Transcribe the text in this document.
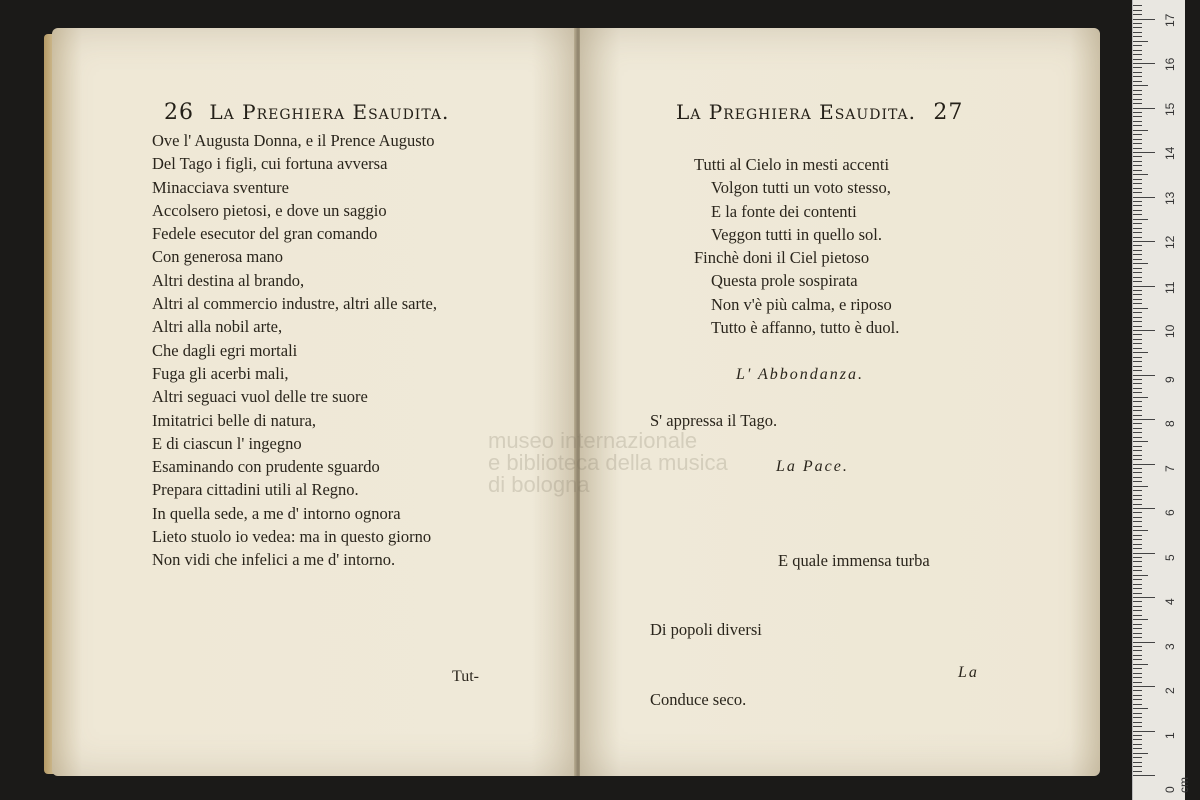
26 La Preghiera Esaudita.
Ove l' Augusta Donna, e il Prence Augusto
Del Tago i figli, cui fortuna avversa
Minacciava sventure
Accolsero pietosi, e dove un saggio
Fedele esecutor del gran comando
Con generosa mano
Altri destina al brando,
Altri al commercio industre, altri alle sarte,
Altri alla nobil arte,
Che dagli egri mortali
Fuga gli acerbi mali,
Altri seguaci vuol delle tre suore
Imitatrici belle di natura,
E di ciascun l' ingegno
Esaminando con prudente sguardo
Prepara cittadini utili al Regno.
In quella sede, a me d' intorno ognora
Lieto stuolo io vedea: ma in questo giorno
Non vidi che infelici a me d' intorno.
Tut-
La Preghiera Esaudita. 27
Tutti al Cielo in mesti accenti
Volgon tutti un voto stesso,
E la fonte dei contenti
Veggon tutti in quello sol.
Finchè doni il Ciel pietoso
Questa prole sospirata
Non v'è più calma, e riposo
Tutto è affanno, tutto è duol.
L' Abbondanza.
S' appressa il Tago.
La Pace.

E quale immensa turba

Di popoli diversi

Conduce seco.

La
museo internazionale
e biblioteca della musica
di bologna
0 cm
1
2
3
4
5
6
7
8
9
10
11
12
13
14
15
16
17
